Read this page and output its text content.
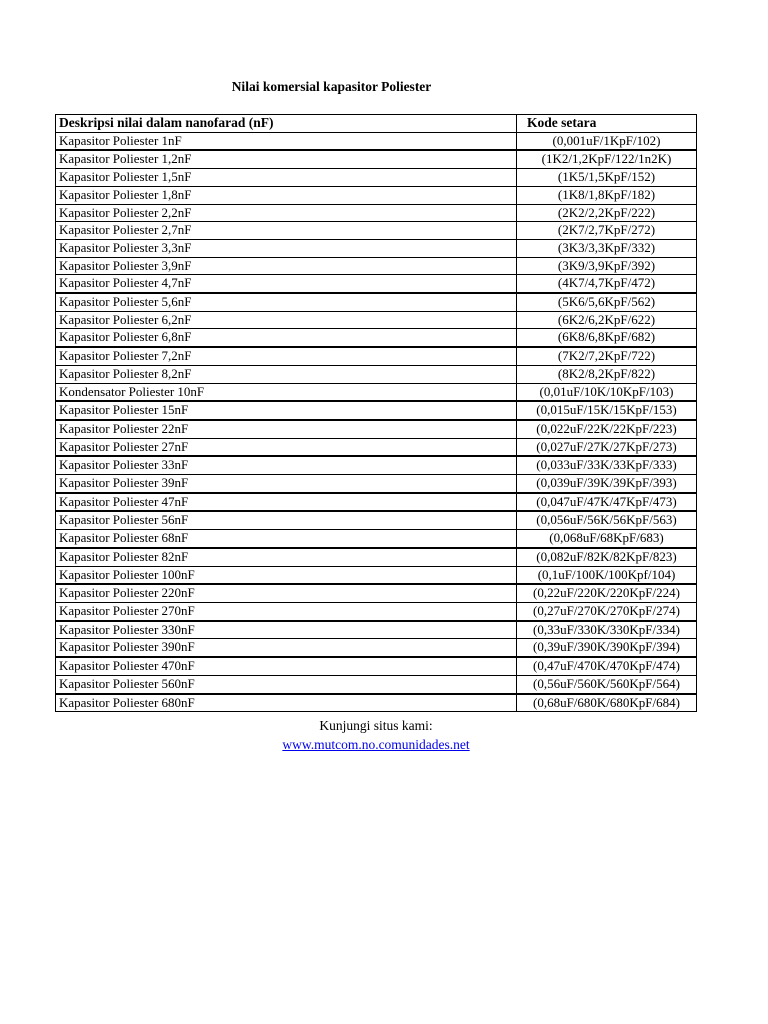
Nilai komersial kapasitor Poliester
Deskripsi nilai dalam nanofarad (nF)	Kode setara
Kapasitor Poliester 1nF	(0,001uF/1KpF/102)
Kapasitor Poliester 1,2nF	(1K2/1,2KpF/122/1n2K)
Kapasitor Poliester 1,5nF	(1K5/1,5KpF/152)
Kapasitor Poliester 1,8nF	(1K8/1,8KpF/182)
Kapasitor Poliester 2,2nF	(2K2/2,2KpF/222)
Kapasitor Poliester 2,7nF	(2K7/2,7KpF/272)
Kapasitor Poliester 3,3nF	(3K3/3,3KpF/332)
Kapasitor Poliester 3,9nF	(3K9/3,9KpF/392)
Kapasitor Poliester 4,7nF	(4K7/4,7KpF/472)
Kapasitor Poliester 5,6nF	(5K6/5,6KpF/562)
Kapasitor Poliester 6,2nF	(6K2/6,2KpF/622)
Kapasitor Poliester 6,8nF	(6K8/6,8KpF/682)
Kapasitor Poliester 7,2nF	(7K2/7,2KpF/722)
Kapasitor Poliester 8,2nF	(8K2/8,2KpF/822)
Kondensator Poliester 10nF	(0,01uF/10K/10KpF/103)
Kapasitor Poliester 15nF	(0,015uF/15K/15KpF/153)
Kapasitor Poliester 22nF	(0,022uF/22K/22KpF/223)
Kapasitor Poliester 27nF	(0,027uF/27K/27KpF/273)
Kapasitor Poliester 33nF	(0,033uF/33K/33KpF/333)
Kapasitor Poliester 39nF	(0,039uF/39K/39KpF/393)
Kapasitor Poliester 47nF	(0,047uF/47K/47KpF/473)
Kapasitor Poliester 56nF	(0,056uF/56K/56KpF/563)
Kapasitor Poliester 68nF	(0,068uF/68KpF/683)
Kapasitor Poliester 82nF	(0,082uF/82K/82KpF/823)
Kapasitor Poliester 100nF	(0,1uF/100K/100Kpf/104)
Kapasitor Poliester 220nF	(0,22uF/220K/220KpF/224)
Kapasitor Poliester 270nF	(0,27uF/270K/270KpF/274)
Kapasitor Poliester 330nF	(0,33uF/330K/330KpF/334)
Kapasitor Poliester 390nF	(0,39uF/390K/390KpF/394)
Kapasitor Poliester 470nF	(0,47uF/470K/470KpF/474)
Kapasitor Poliester 560nF	(0,56uF/560K/560KpF/564)
Kapasitor Poliester 680nF	(0,68uF/680K/680KpF/684)
Kunjungi situs kami:
www.mutcom.no.comunidades.net
